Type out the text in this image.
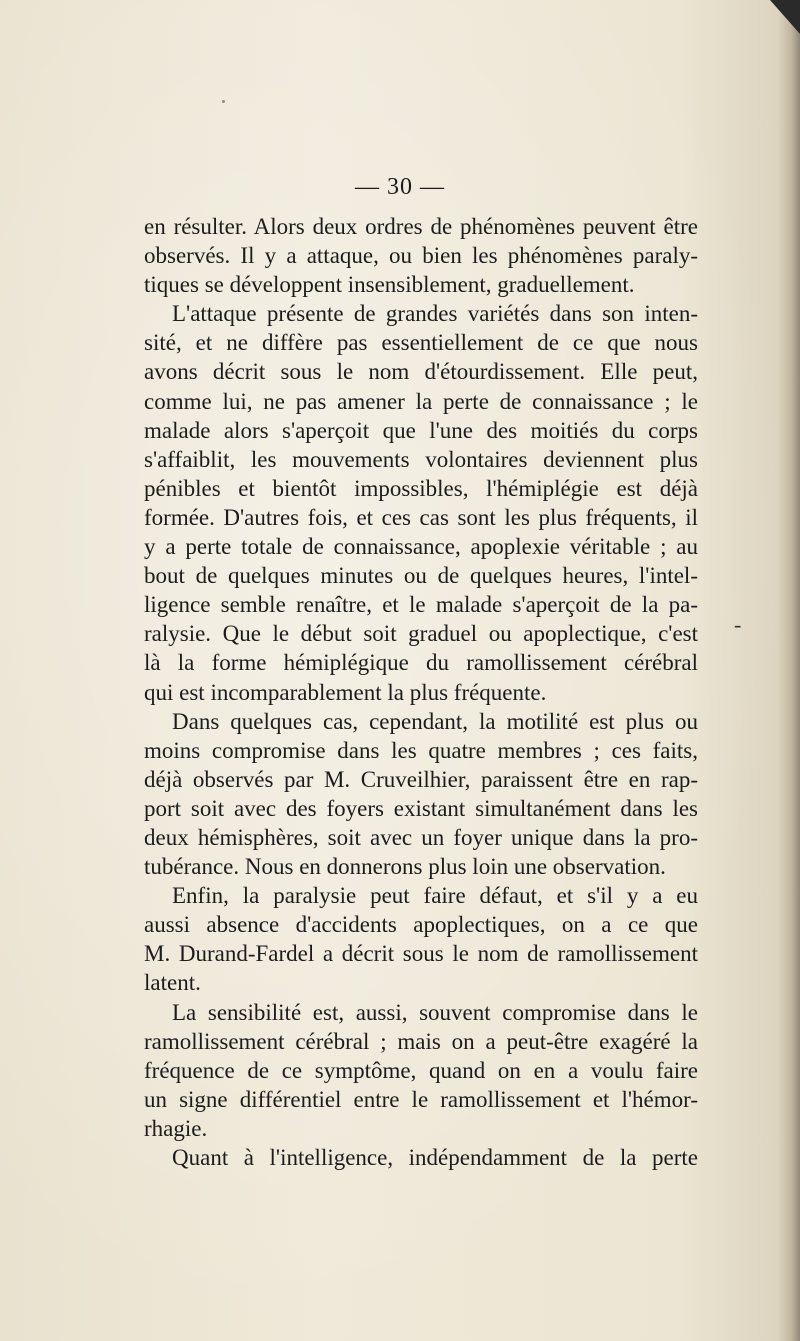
— 30 —
en résulter. Alors deux ordres de phénomènes peuvent être
observés. Il y a attaque, ou bien les phénomènes paraly-
tiques se développent insensiblement, graduellement.
L'attaque présente de grandes variétés dans son inten-
sité, et ne diffère pas essentiellement de ce que nous
avons décrit sous le nom d'étourdissement. Elle peut,
comme lui, ne pas amener la perte de connaissance ; le
malade alors s'aperçoit que l'une des moitiés du corps
s'affaiblit, les mouvements volontaires deviennent plus
pénibles et bientôt impossibles, l'hémiplégie est déjà
formée. D'autres fois, et ces cas sont les plus fréquents, il
y a perte totale de connaissance, apoplexie véritable ; au
bout de quelques minutes ou de quelques heures, l'intel-
ligence semble renaître, et le malade s'aperçoit de la pa-
ralysie. Que le début soit graduel ou apoplectique, c'est
là la forme hémiplégique du ramollissement cérébral
qui est incomparablement la plus fréquente.
Dans quelques cas, cependant, la motilité est plus ou
moins compromise dans les quatre membres ; ces faits,
déjà observés par M. Cruveilhier, paraissent être en rap-
port soit avec des foyers existant simultanément dans les
deux hémisphères, soit avec un foyer unique dans la pro-
tubérance. Nous en donnerons plus loin une observation.
Enfin, la paralysie peut faire défaut, et s'il y a eu
aussi absence d'accidents apoplectiques, on a ce que
M. Durand-Fardel a décrit sous le nom de ramollissement
latent.
La sensibilité est, aussi, souvent compromise dans le
ramollissement cérébral ; mais on a peut-être exagéré la
fréquence de ce symptôme, quand on en a voulu faire
un signe différentiel entre le ramollissement et l'hémor-
rhagie.
Quant à l'intelligence, indépendamment de la perte
-
